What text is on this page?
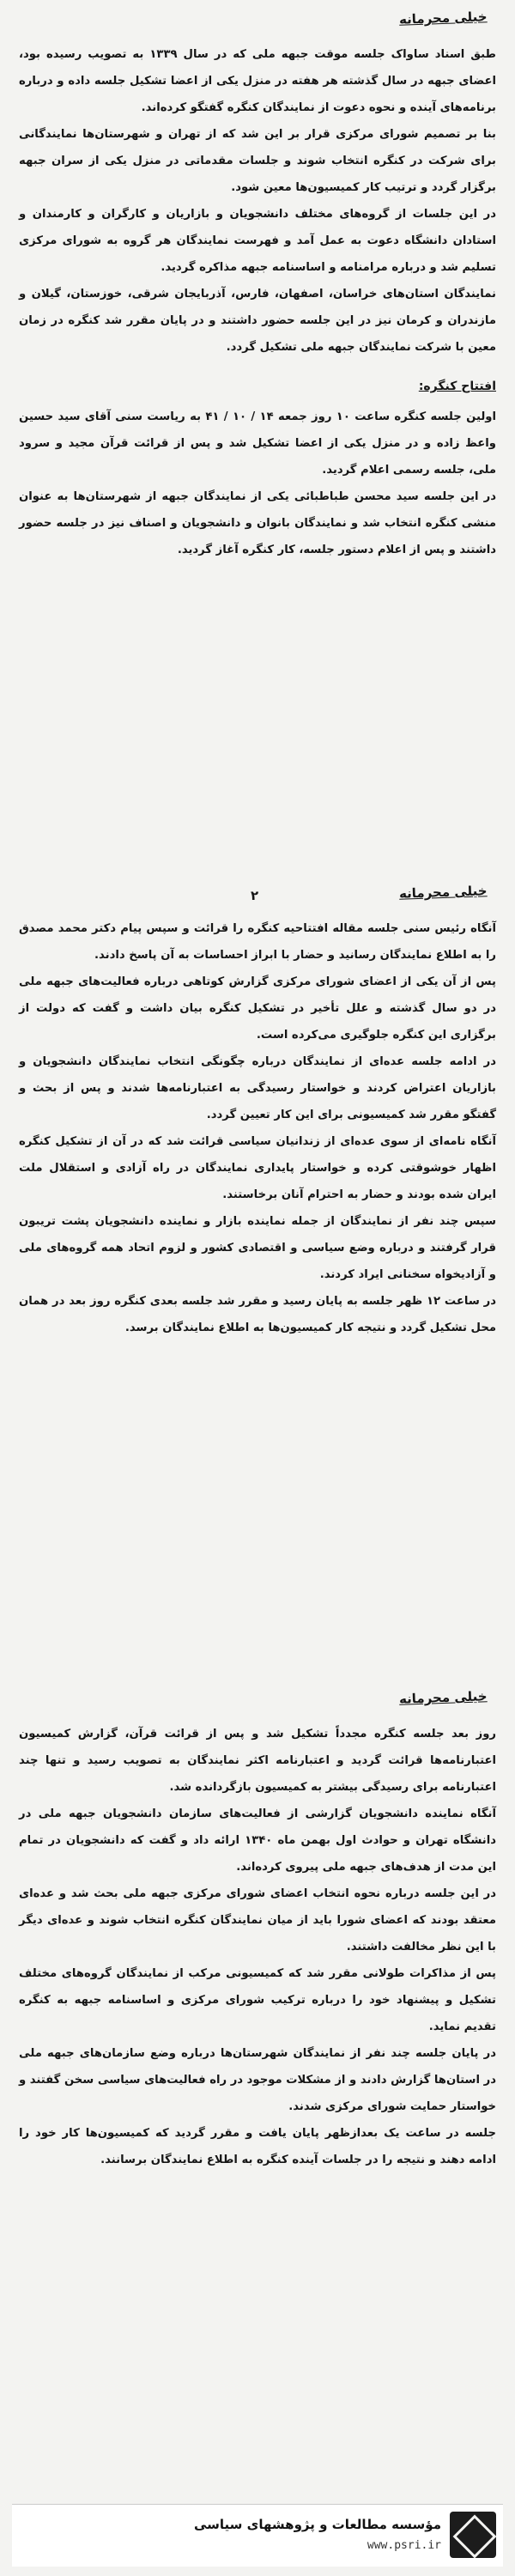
خیلی محرمانه

طبق اسناد ساواک جلسه موقت جبهه ملی که در سال ۱۳۳۹ به تصویب رسیده بود، اعضای جبهه در سال گذشته هر هفته در منزل یکی از اعضا تشکیل جلسه داده و درباره برنامه‌های آینده و نحوه دعوت از نمایندگان کنگره گفتگو کرده‌اند.

بنا بر تصمیم شورای مرکزی قرار بر این شد که از تهران و شهرستان‌ها نمایندگانی برای شرکت در کنگره انتخاب شوند و جلسات مقدماتی در منزل یکی از سران جبهه برگزار گردد و ترتیب کار کمیسیون‌ها معین شود.

در این جلسات از گروه‌های مختلف دانشجویان و بازاریان و کارگران و کارمندان و استادان دانشگاه دعوت به عمل آمد و فهرست نمایندگان هر گروه به شورای مرکزی تسلیم شد و درباره مرامنامه و اساسنامه جبهه مذاکره گردید.

نمایندگان استان‌های خراسان، اصفهان، فارس، آذربایجان شرقی، خوزستان، گیلان و مازندران و کرمان نیز در این جلسه حضور داشتند و در پایان مقرر شد کنگره در زمان معین با شرکت نمایندگان جبهه ملی تشکیل گردد.

افتتاح کنگره:

اولین جلسه کنگره ساعت ۱۰ روز جمعه ۱۴ / ۱۰ / ۴۱ به ریاست سنی آقای سید حسین واعظ زاده و در منزل یکی از اعضا تشکیل شد و پس از قرائت قرآن مجید و سرود ملی، جلسه رسمی اعلام گردید.

در این جلسه سید محسن طباطبائی یکی از نمایندگان جبهه از شهرستان‌ها به عنوان منشی کنگره انتخاب شد و نمایندگان بانوان و دانشجویان و اصناف نیز در جلسه حضور داشتند و پس از اعلام دستور جلسه، کار کنگره آغاز گردید.

خیلی محرمانه
۲

آنگاه رئیس سنی جلسه مقاله افتتاحیه کنگره را قرائت و سپس پیام دکتر محمد مصدق را به اطلاع نمایندگان رسانید و حضار با ابراز احساسات به آن پاسخ دادند.

پس از آن یکی از اعضای شورای مرکزی گزارش کوتاهی درباره فعالیت‌های جبهه ملی در دو سال گذشته و علل تأخیر در تشکیل کنگره بیان داشت و گفت که دولت از برگزاری این کنگره جلوگیری می‌کرده است.

در ادامه جلسه عده‌ای از نمایندگان درباره چگونگی انتخاب نمایندگان دانشجویان و بازاریان اعتراض کردند و خواستار رسیدگی به اعتبارنامه‌ها شدند و پس از بحث و گفتگو مقرر شد کمیسیونی برای این کار تعیین گردد.

آنگاه نامه‌ای از سوی عده‌ای از زندانیان سیاسی قرائت شد که در آن از تشکیل کنگره اظهار خوشوقتی کرده و خواستار پایداری نمایندگان در راه آزادی و استقلال ملت ایران شده بودند و حضار به احترام آنان برخاستند.

سپس چند نفر از نمایندگان از جمله نماینده بازار و نماینده دانشجویان پشت تریبون قرار گرفتند و درباره وضع سیاسی و اقتصادی کشور و لزوم اتحاد همه گروه‌های ملی و آزادیخواه سخنانی ایراد کردند.

در ساعت ۱۲ ظهر جلسه به پایان رسید و مقرر شد جلسه بعدی کنگره روز بعد در همان محل تشکیل گردد و نتیجه کار کمیسیون‌ها به اطلاع نمایندگان برسد.

خیلی محرمانه

روز بعد جلسه کنگره مجدداً تشکیل شد و پس از قرائت قرآن، گزارش کمیسیون اعتبارنامه‌ها قرائت گردید و اعتبارنامه اکثر نمایندگان به تصویب رسید و تنها چند اعتبارنامه برای رسیدگی بیشتر به کمیسیون بازگردانده شد.

آنگاه نماینده دانشجویان گزارشی از فعالیت‌های سازمان دانشجویان جبهه ملی در دانشگاه تهران و حوادث اول بهمن ماه ۱۳۴۰ ارائه داد و گفت که دانشجویان در تمام این مدت از هدف‌های جبهه ملی پیروی کرده‌اند.

در این جلسه درباره نحوه انتخاب اعضای شورای مرکزی جبهه ملی بحث شد و عده‌ای معتقد بودند که اعضای شورا باید از میان نمایندگان کنگره انتخاب شوند و عده‌ای دیگر با این نظر مخالفت داشتند.

پس از مذاکرات طولانی مقرر شد که کمیسیونی مرکب از نمایندگان گروه‌های مختلف تشکیل و پیشنهاد خود را درباره ترکیب شورای مرکزی و اساسنامه جبهه به کنگره تقدیم نماید.

در پایان جلسه چند نفر از نمایندگان شهرستان‌ها درباره وضع سازمان‌های جبهه ملی در استان‌ها گزارش دادند و از مشکلات موجود در راه فعالیت‌های سیاسی سخن گفتند و خواستار حمایت شورای مرکزی شدند.

جلسه در ساعت یک بعدازظهر پایان یافت و مقرر گردید که کمیسیون‌ها کار خود را ادامه دهند و نتیجه را در جلسات آینده کنگره به اطلاع نمایندگان برسانند.

مؤسسه مطالعات و پژوهشهای سیاسی
www.psri.ir
